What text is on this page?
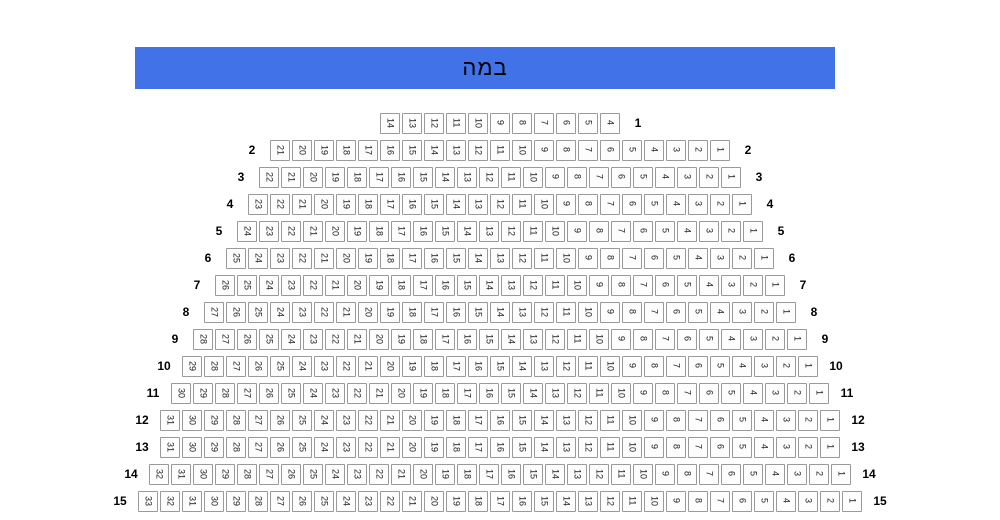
במה
14	13	12	11	10	9	8	7	6	5	4	1
2	21	20	19	18	17	16	15	14	13	12	11	10	9	8	7	6	5	4	3	2	1	2
3	22	21	20	19	18	17	16	15	14	13	12	11	10	9	8	7	6	5	4	3	2	1	3
4	23	22	21	20	19	18	17	16	15	14	13	12	11	10	9	8	7	6	5	4	3	2	1	4
5	24	23	22	21	20	19	18	17	16	15	14	13	12	11	10	9	8	7	6	5	4	3	2	1	5
6	25	24	23	22	21	20	19	18	17	16	15	14	13	12	11	10	9	8	7	6	5	4	3	2	1	6
7	26	25	24	23	22	21	20	19	18	17	16	15	14	13	12	11	10	9	8	7	6	5	4	3	2	1	7
8	27	26	25	24	23	22	21	20	19	18	17	16	15	14	13	12	11	10	9	8	7	6	5	4	3	2	1	8
9	28	27	26	25	24	23	22	21	20	19	18	17	16	15	14	13	12	11	10	9	8	7	6	5	4	3	2	1	9
10	29	28	27	26	25	24	23	22	21	20	19	18	17	16	15	14	13	12	11	10	9	8	7	6	5	4	3	2	1	10
11	30	29	28	27	26	25	24	23	22	21	20	19	18	17	16	15	14	13	12	11	10	9	8	7	6	5	4	3	2	1	11
12	31	30	29	28	27	26	25	24	23	22	21	20	19	18	17	16	15	14	13	12	11	10	9	8	7	6	5	4	3	2	1	12
13	31	30	29	28	27	26	25	24	23	22	21	20	19	18	17	16	15	14	13	12	11	10	9	8	7	6	5	4	3	2	1	13
14	32	31	30	29	28	27	26	25	24	23	22	21	20	19	18	17	16	15	14	13	12	11	10	9	8	7	6	5	4	3	2	1	14
15	33	32	31	30	29	28	27	26	25	24	23	22	21	20	19	18	17	16	15	14	13	12	11	10	9	8	7	6	5	4	3	2	1	15
